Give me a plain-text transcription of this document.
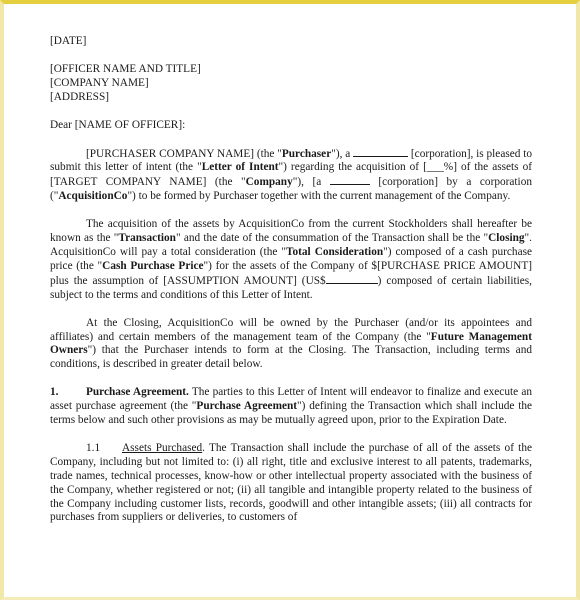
[DATE]
[OFFICER NAME AND TITLE]
[COMPANY NAME]
[ADDRESS]
Dear [NAME OF OFFICER]:

[PURCHASER COMPANY NAME] (the "Purchaser"), a	[corporation], is pleased to submit this letter of intent (the "Letter of Intent") regarding the acquisition of [___%] of the assets of [TARGET COMPANY NAME] (the "Company"), [a	[corporation] by a corporation ("AcquisitionCo") to be formed by Purchaser together with the current management of the Company.

The acquisition of the assets by AcquisitionCo from the current Stockholders shall hereafter be known as the "Transaction" and the date of the consummation of the Transaction shall be the "Closing". AcquisitionCo will pay a total consideration (the "Total Consideration") composed of a cash purchase price (the "Cash Purchase Price") for the assets of the Company of $[PURCHASE PRICE AMOUNT] plus the assumption of [ASSUMPTION AMOUNT] (US$	) composed of certain liabilities, subject to the terms and conditions of this Letter of Intent.

At the Closing, AcquisitionCo will be owned by the Purchaser (and/or its appointees and affiliates) and certain members of the management team of the Company (the "Future Management Owners") that the Purchaser intends to form at the Closing. The Transaction, including terms and conditions, is described in greater detail below.

1. Purchase Agreement. The parties to this Letter of Intent will endeavor to finalize and execute an asset purchase agreement (the "Purchase Agreement") defining the Transaction which shall include the terms below and such other provisions as may be mutually agreed upon, prior to the Expiration Date.

1.1 Assets Purchased. The Transaction shall include the purchase of all of the assets of the Company, including but not limited to: (i) all right, title and exclusive interest to all patents, trademarks, trade names, technical processes, know-how or other intellectual property associated with the business of the Company, whether registered or not; (ii) all tangible and intangible property related to the business of the Company including customer lists, records, goodwill and other intangible assets; (iii) all contracts for purchases from suppliers or deliveries, to customers of
